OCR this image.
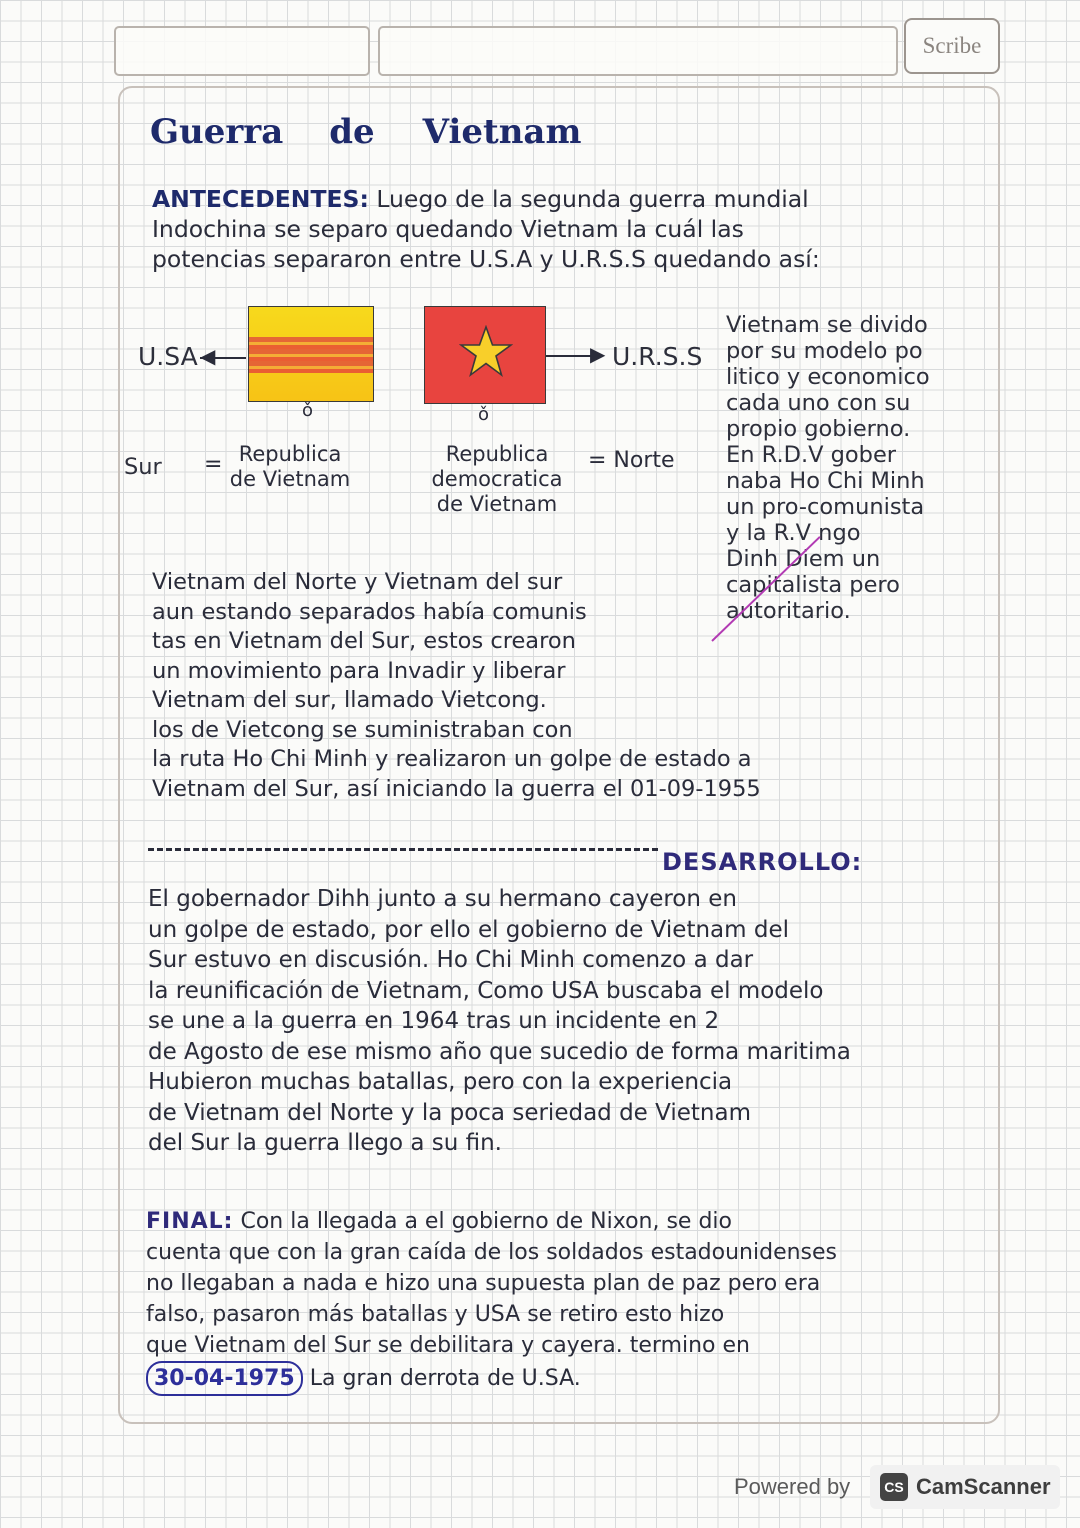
Scribe
Guerra de Vietnam
ANTECEDENTES: Luego de la segunda guerra mundial
Indochina se separo quedando Vietnam la cuál las
potencias separaron entre U.S.A y U.R.S.S quedando así:
U.SA ◀	▶ U.R.S.S
ǒ	ǒ
Sur = Republica
de Vietnam
Republica
democratica
de Vietnam
= Norte
Vietnam se divido
por su modelo po
litico y economico
cada uno con su
propio gobierno.
En R.D.V gober
naba Ho Chi Minh
un pro-comunista
y la R.V ngo
Dinh Diem un
capitalista pero
autoritario.
Vietnam del Norte y Vietnam del sur
aun estando separados había comunis
tas en Vietnam del Sur, estos crearon
un movimiento para Invadir y liberar
Vietnam del sur, llamado Vietcong.
los de Vietcong se suministraban con
la ruta Ho Chi Minh y realizaron un golpe de estado a
Vietnam del Sur, así iniciando la guerra el 01-09-1955
DESARROLLO:
El gobernador Dihh junto a su hermano cayeron en
un golpe de estado, por ello el gobierno de Vietnam del
Sur estuvo en discusión. Ho Chi Minh comenzo a dar
la reunificación de Vietnam, Como USA buscaba el modelo
se une a la guerra en 1964 tras un incidente en 2
de Agosto de ese mismo año que sucedio de forma maritima
Hubieron muchas batallas, pero con la experiencia
de Vietnam del Norte y la poca seriedad de Vietnam
del Sur la guerra llego a su fin.
FINAL: Con la llegada a el gobierno de Nixon, se dio
cuenta que con la gran caída de los soldados estadounidenses
no llegaban a nada e hizo una supuesta plan de paz pero era
falso, pasaron más batallas y USA se retiro esto hizo
que Vietnam del Sur se debilitara y cayera. termino en
30-04-1975 La gran derrota de U.SA.
Powered by	CS CamScanner
